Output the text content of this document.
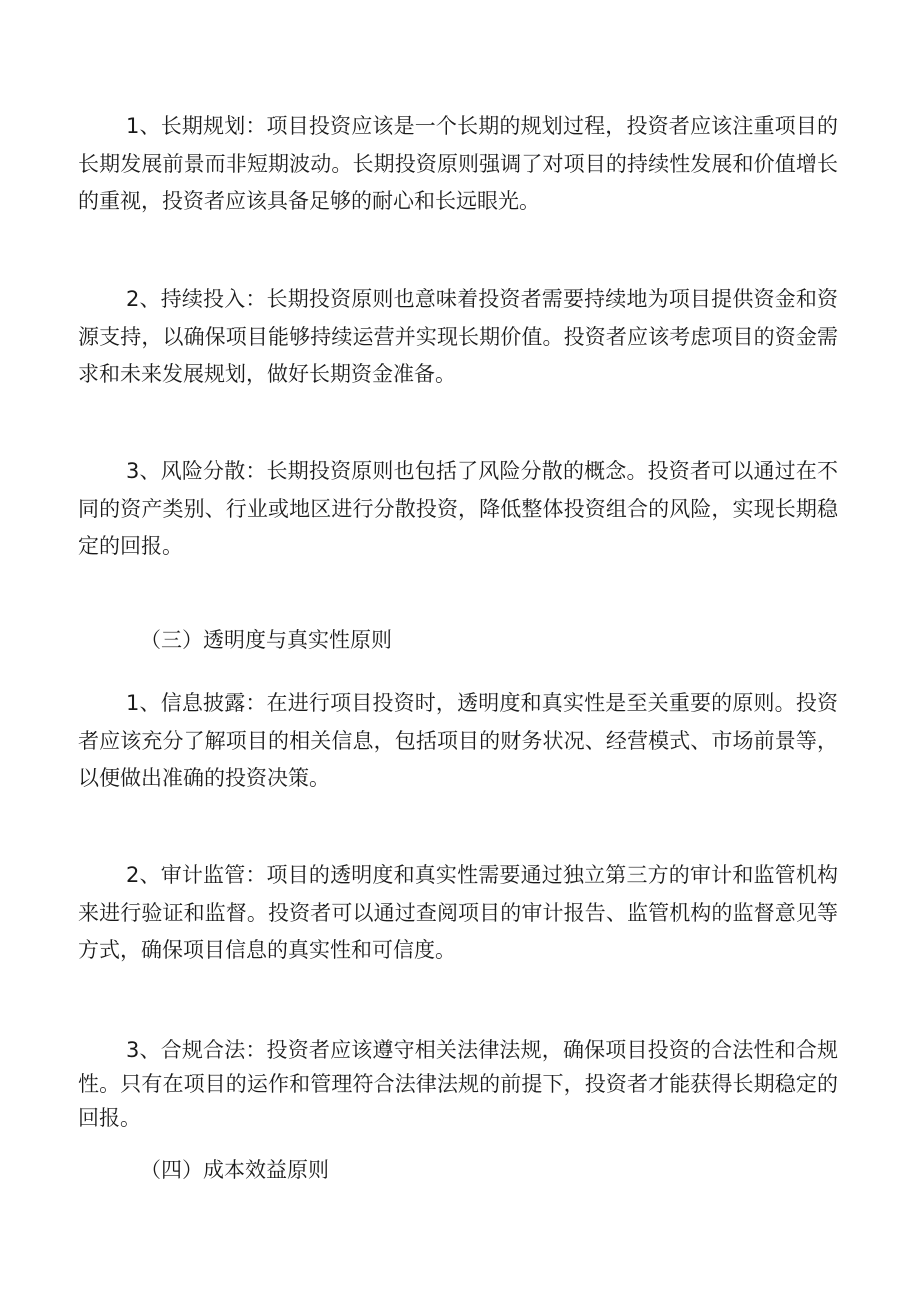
1、长期规划：项目投资应该是一个长期的规划过程，投资者应该注重项目的长期发展前景而非短期波动。长期投资原则强调了对项目的持续性发展和价值增长的重视，投资者应该具备足够的耐心和长远眼光。

2、持续投入：长期投资原则也意味着投资者需要持续地为项目提供资金和资源支持，以确保项目能够持续运营并实现长期价值。投资者应该考虑项目的资金需求和未来发展规划，做好长期资金准备。

3、风险分散：长期投资原则也包括了风险分散的概念。投资者可以通过在不同的资产类别、行业或地区进行分散投资，降低整体投资组合的风险，实现长期稳定的回报。

（三）透明度与真实性原则

1、信息披露：在进行项目投资时，透明度和真实性是至关重要的原则。投资者应该充分了解项目的相关信息，包括项目的财务状况、经营模式、市场前景等，以便做出准确的投资决策。

2、审计监管：项目的透明度和真实性需要通过独立第三方的审计和监管机构来进行验证和监督。投资者可以通过查阅项目的审计报告、监管机构的监督意见等方式，确保项目信息的真实性和可信度。

3、合规合法：投资者应该遵守相关法律法规，确保项目投资的合法性和合规性。只有在项目的运作和管理符合法律法规的前提下，投资者才能获得长期稳定的回报。

（四）成本效益原则
